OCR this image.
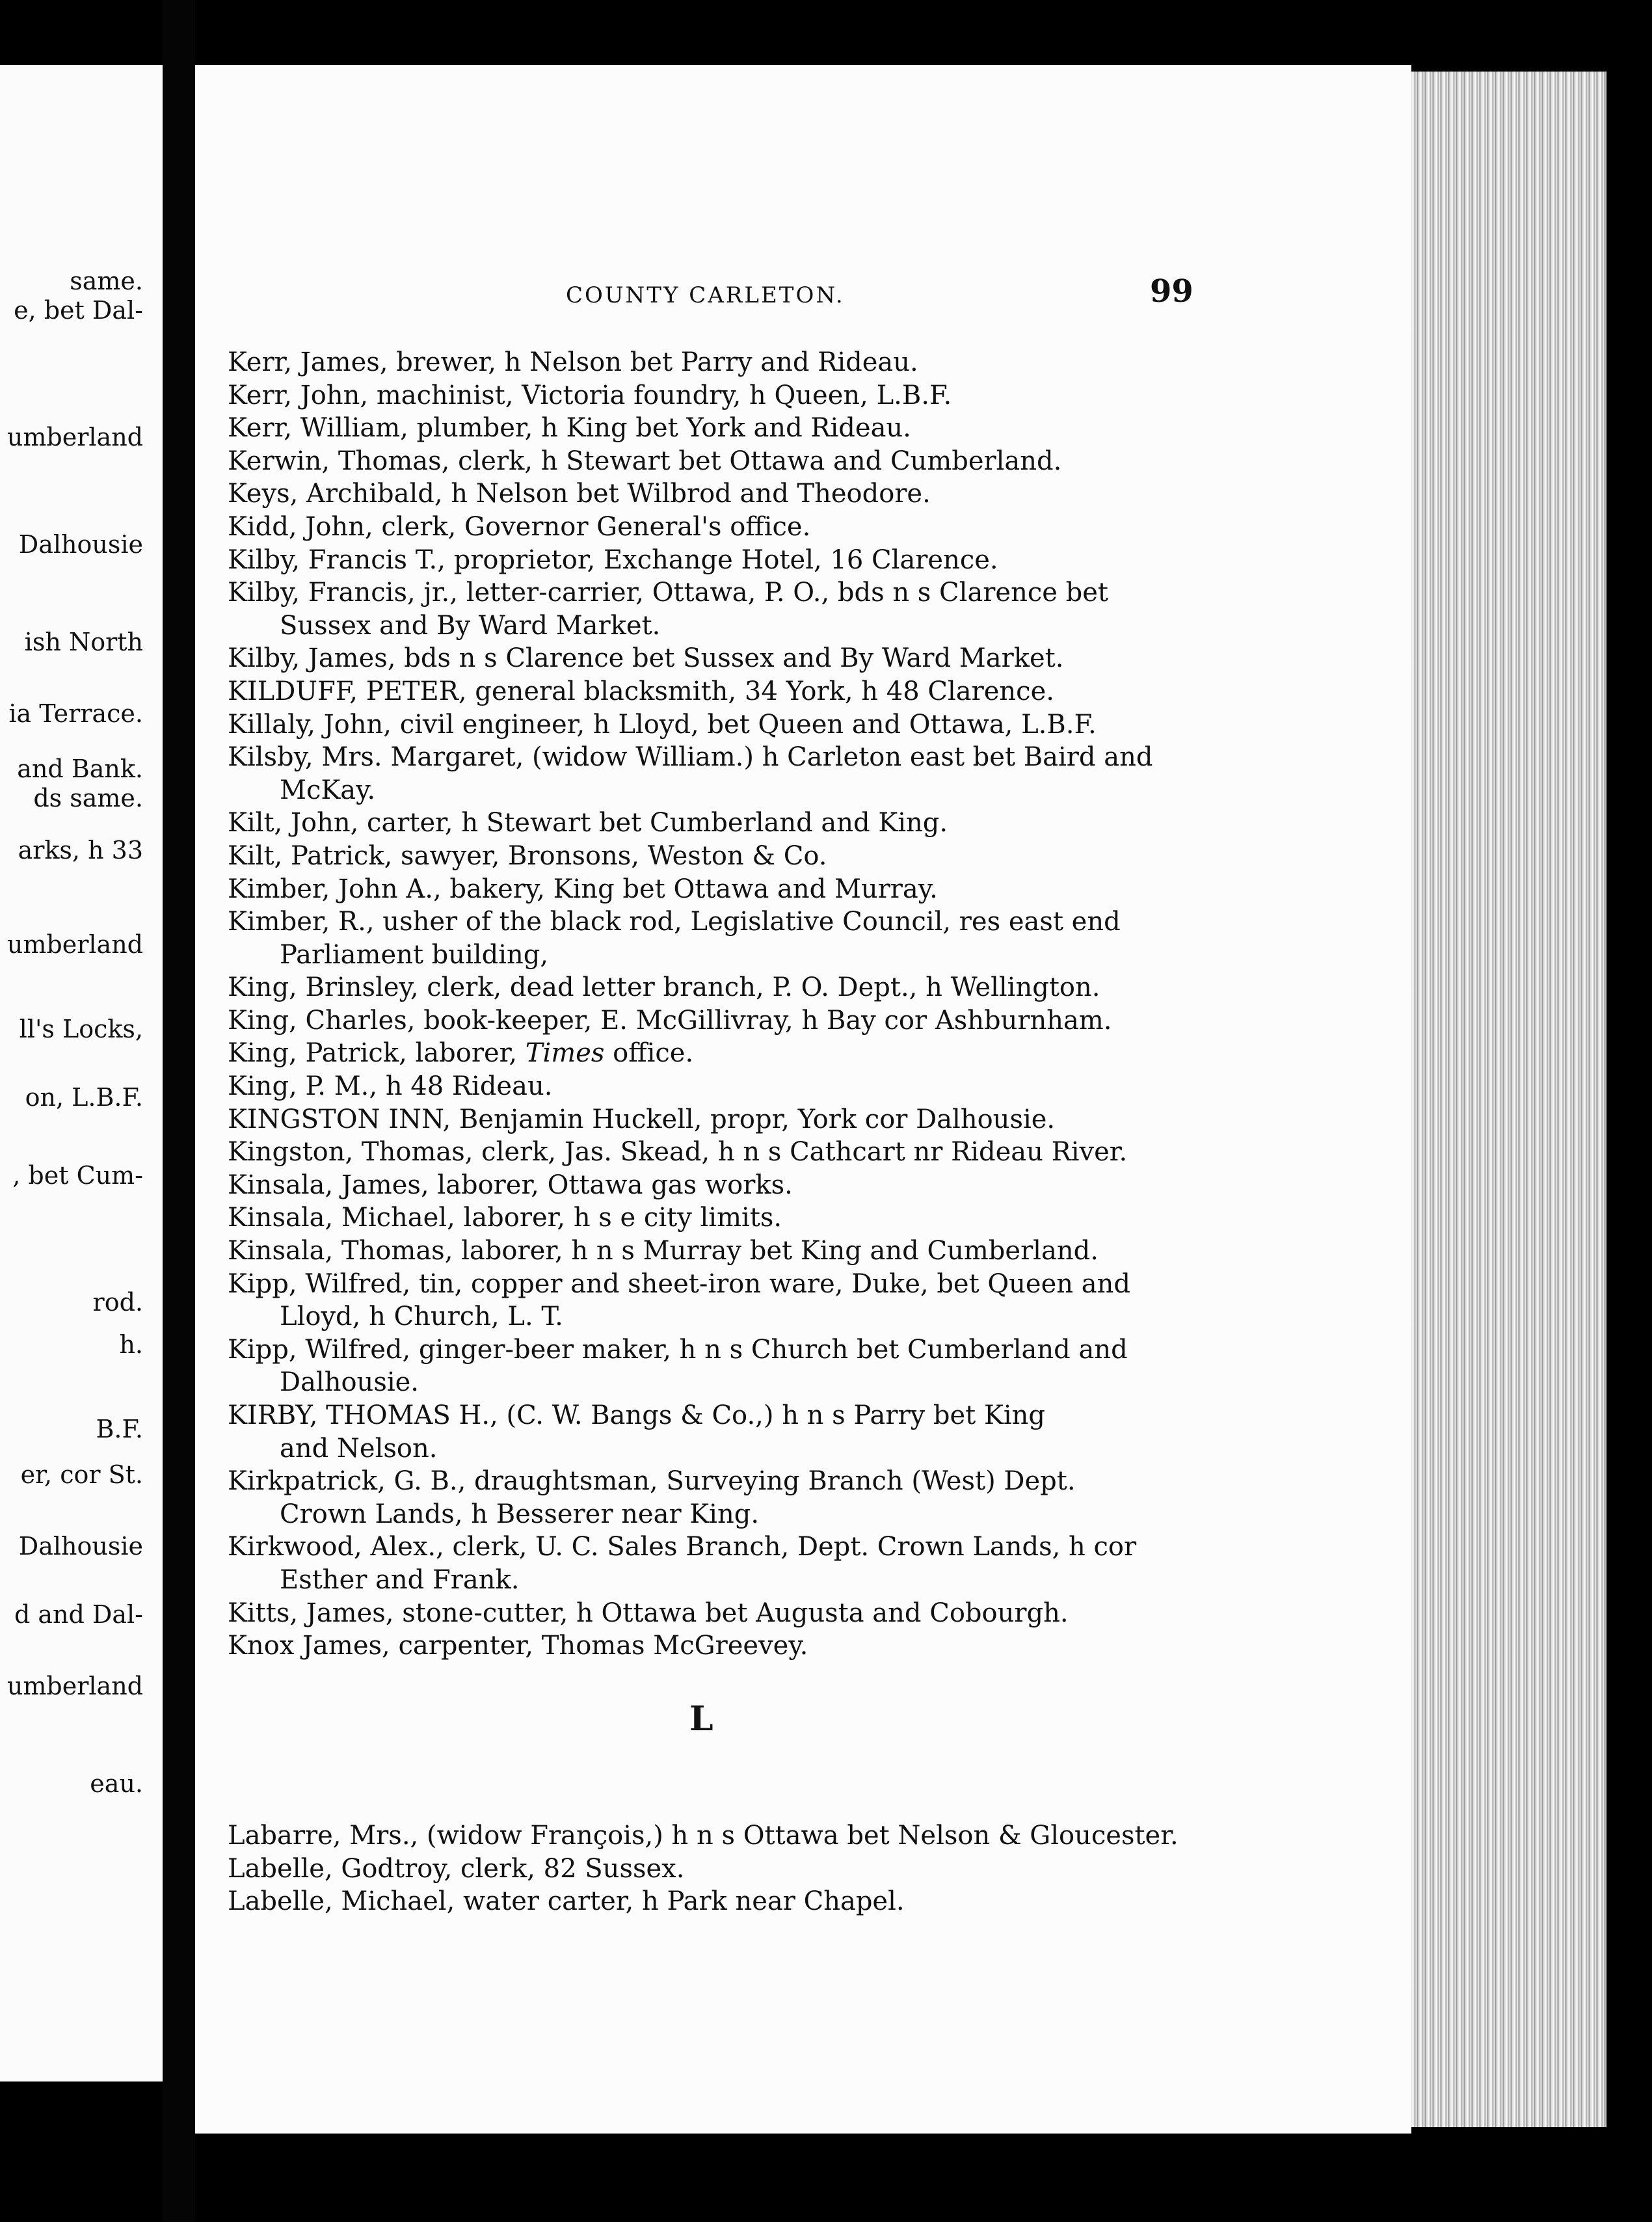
same.
e, bet Dal-
umberland
Dalhousie
ish North
ia Terrace.
and Bank.
ds same.
arks, h 33
umberland
ll's Locks,
on, L.B.F.
, bet Cum-
rod.
h.
B.F.
er, cor St.
Dalhousie
d and Dal-
umberland
eau.
COUNTY CARLETON.	99
Kerr, James, brewer, h Nelson bet Parry and Rideau.
Kerr, John, machinist, Victoria foundry, h Queen, L.B.F.
Kerr, William, plumber, h King bet York and Rideau.
Kerwin, Thomas, clerk, h Stewart bet Ottawa and Cumberland.
Keys, Archibald, h Nelson bet Wilbrod and Theodore.
Kidd, John, clerk, Governor General's office.
Kilby, Francis T., proprietor, Exchange Hotel, 16 Clarence.
Kilby, Francis, jr., letter-carrier, Ottawa, P. O., bds n s Clarence bet
Sussex and By Ward Market.
Kilby, James, bds n s Clarence bet Sussex and By Ward Market.
KILDUFF, PETER, general blacksmith, 34 York, h 48 Clarence.
Killaly, John, civil engineer, h Lloyd, bet Queen and Ottawa, L.B.F.
Kilsby, Mrs. Margaret, (widow William.) h Carleton east bet Baird and
McKay.
Kilt, John, carter, h Stewart bet Cumberland and King.
Kilt, Patrick, sawyer, Bronsons, Weston & Co.
Kimber, John A., bakery, King bet Ottawa and Murray.
Kimber, R., usher of the black rod, Legislative Council, res east end
Parliament building,
King, Brinsley, clerk, dead letter branch, P. O. Dept., h Wellington.
King, Charles, book-keeper, E. McGillivray, h Bay cor Ashburnham.
King, Patrick, laborer, Times office.
King, P. M., h 48 Rideau.
KINGSTON INN, Benjamin Huckell, propr, York cor Dalhousie.
Kingston, Thomas, clerk, Jas. Skead, h n s Cathcart nr Rideau River.
Kinsala, James, laborer, Ottawa gas works.
Kinsala, Michael, laborer, h s e city limits.
Kinsala, Thomas, laborer, h n s Murray bet King and Cumberland.
Kipp, Wilfred, tin, copper and sheet-iron ware, Duke, bet Queen and
Lloyd, h Church, L. T.
Kipp, Wilfred, ginger-beer maker, h n s Church bet Cumberland and
Dalhousie.
KIRBY, THOMAS H., (C. W. Bangs & Co.,) h n s Parry bet King
and Nelson.
Kirkpatrick, G. B., draughtsman, Surveying Branch (West) Dept.
Crown Lands, h Besserer near King.
Kirkwood, Alex., clerk, U. C. Sales Branch, Dept. Crown Lands, h cor
Esther and Frank.
Kitts, James, stone-cutter, h Ottawa bet Augusta and Cobourgh.
Knox James, carpenter, Thomas McGreevey.
L
Labarre, Mrs., (widow François,) h n s Ottawa bet Nelson & Gloucester.
Labelle, Godtroy, clerk, 82 Sussex.
Labelle, Michael, water carter, h Park near Chapel.
